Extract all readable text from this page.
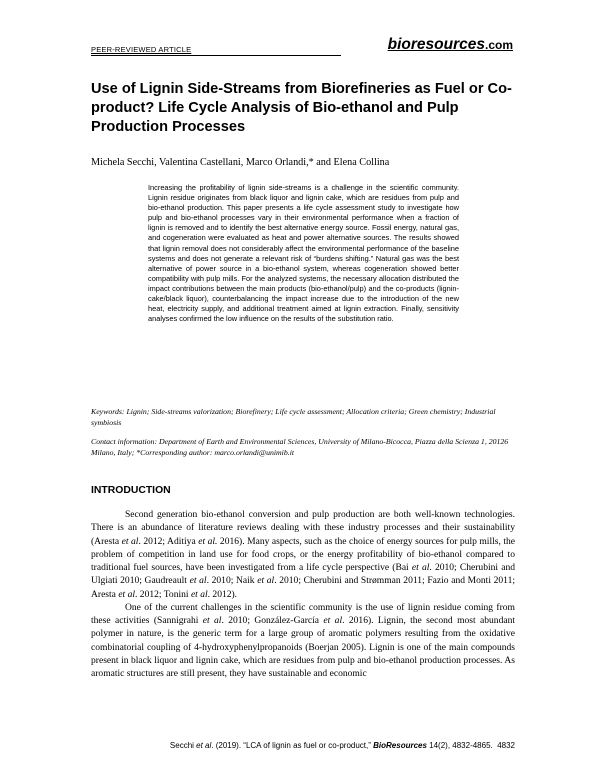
PEER-REVIEWED ARTICLE	bioresources.com
Use of Lignin Side-Streams from Biorefineries as Fuel or Co-product? Life Cycle Analysis of Bio-ethanol and Pulp Production Processes

Michela Secchi, Valentina Castellani, Marco Orlandi,* and Elena Collina

Increasing the profitability of lignin side-streams is a challenge in the scientific community. Lignin residue originates from black liquor and lignin cake, which are residues from pulp and bio-ethanol production. This paper presents a life cycle assessment study to investigate how pulp and bio-ethanol processes vary in their environmental performance when a fraction of lignin is removed and to identify the best alternative energy source. Fossil energy, natural gas, and cogeneration were evaluated as heat and power alternative sources. The results showed that lignin removal does not considerably affect the environmental performance of the baseline systems and does not generate a relevant risk of “burdens shifting.” Natural gas was the best alternative of power source in a bio-ethanol system, whereas cogeneration showed better compatibility with pulp mills. For the analyzed systems, the necessary allocation distributed the impact contributions between the main products (bio-ethanol/pulp) and the co-products (lignin-cake/black liquor), counterbalancing the impact increase due to the introduction of the new heat, electricity supply, and additional treatment aimed at lignin extraction. Finally, sensitivity analyses confirmed the low influence on the results of the substitution ratio.

Keywords: Lignin; Side-streams valorization; Biorefinery; Life cycle assessment; Allocation criteria; Green chemistry; Industrial symbiosis

Contact information: Department of Earth and Environmental Sciences, University of Milano-Bicocca, Piazza della Scienza 1, 20126 Milano, Italy; *Corresponding author: marco.orlandi@unimib.it

INTRODUCTION

Second generation bio-ethanol conversion and pulp production are both well-known technologies. There is an abundance of literature reviews dealing with these industry processes and their sustainability (Aresta et al. 2012; Aditiya et al. 2016). Many aspects, such as the choice of energy sources for pulp mills, the problem of competition in land use for food crops, or the energy profitability of bio-ethanol compared to traditional fuel sources, have been investigated from a life cycle perspective (Bai et al. 2010; Cherubini and Ulgiati 2010; Gaudreault et al. 2010; Naik et al. 2010; Cherubini and Strømman 2011; Fazio and Monti 2011; Aresta et al. 2012; Tonini et al. 2012).

One of the current challenges in the scientific community is the use of lignin residue coming from these activities (Sannigrahi et al. 2010; González-García et al. 2016). Lignin, the second most abundant polymer in nature, is the generic term for a large group of aromatic polymers resulting from the oxidative combinatorial coupling of 4-hydroxyphenylpropanoids (Boerjan 2005). Lignin is one of the main compounds present in black liquor and lignin cake, which are residues from pulp and bio-ethanol production processes. As aromatic structures are still present, they have sustainable and economic

Secchi et al. (2019). “LCA of lignin as fuel or co-product,” BioResources 14(2), 4832-4865. 4832
